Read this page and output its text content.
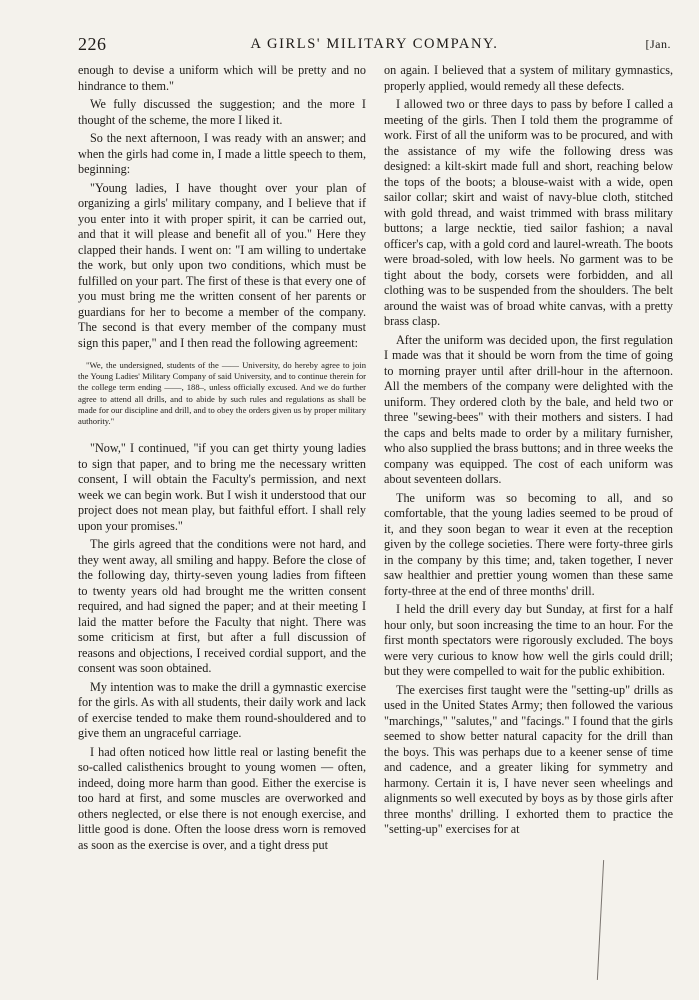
226	A GIRLS' MILITARY COMPANY.	[Jan.

enough to devise a uniform which will be pretty and no hindrance to them."

We fully discussed the suggestion; and the more I thought of the scheme, the more I liked it.

So the next afternoon, I was ready with an answer; and when the girls had come in, I made a little speech to them, beginning:

"Young ladies, I have thought over your plan of organizing a girls' military company, and I believe that if you enter into it with proper spirit, it can be carried out, and that it will please and benefit all of you." Here they clapped their hands. I went on: "I am willing to undertake the work, but only upon two conditions, which must be fulfilled on your part. The first of these is that every one of you must bring me the written consent of her parents or guardians for her to become a member of the company. The second is that every member of the company must sign this paper," and I then read the following agreement:

"We, the undersigned, students of the —— University, do hereby agree to join the Young Ladies' Military Company of said University, and to continue therein for the college term ending ——, 188–, unless officially excused. And we do further agree to attend all drills, and to abide by such rules and regulations as shall be made for our discipline and drill, and to obey the orders given us by proper military authority."

"Now," I continued, "if you can get thirty young ladies to sign that paper, and to bring me the necessary written consent, I will obtain the Faculty's permission, and next week we can begin work. But I wish it understood that our project does not mean play, but faithful effort. I shall rely upon your promises."

The girls agreed that the conditions were not hard, and they went away, all smiling and happy. Before the close of the following day, thirty-seven young ladies from fifteen to twenty years old had brought me the written consent required, and had signed the paper; and at their meeting I laid the matter before the Faculty that night. There was some criticism at first, but after a full discussion of reasons and objections, I received cordial support, and the consent was soon obtained.

My intention was to make the drill a gymnastic exercise for the girls. As with all students, their daily work and lack of exercise tended to make them round-shouldered and to give them an ungraceful carriage.

I had often noticed how little real or lasting benefit the so-called calisthenics brought to young women — often, indeed, doing more harm than good. Either the exercise is too hard at first, and some muscles are overworked and others neglected, or else there is not enough exercise, and little good is done. Often the loose dress worn is removed as soon as the exercise is over, and a tight dress put

on again. I believed that a system of military gymnastics, properly applied, would remedy all these defects.

I allowed two or three days to pass by before I called a meeting of the girls. Then I told them the programme of work. First of all the uniform was to be procured, and with the assistance of my wife the following dress was designed: a kilt-skirt made full and short, reaching below the tops of the boots; a blouse-waist with a wide, open sailor collar; skirt and waist of navy-blue cloth, stitched with gold thread, and waist trimmed with brass military buttons; a large necktie, tied sailor fashion; a naval officer's cap, with a gold cord and laurel-wreath. The boots were broad-soled, with low heels. No garment was to be tight about the body, corsets were forbidden, and all clothing was to be suspended from the shoulders. The belt around the waist was of broad white canvas, with a pretty brass clasp.

After the uniform was decided upon, the first regulation I made was that it should be worn from the time of going to morning prayer until after drill-hour in the afternoon. All the members of the company were delighted with the uniform. They ordered cloth by the bale, and held two or three "sewing-bees" with their mothers and sisters. I had the caps and belts made to order by a military furnisher, who also supplied the brass buttons; and in three weeks the company was equipped. The cost of each uniform was about seventeen dollars.

The uniform was so becoming to all, and so comfortable, that the young ladies seemed to be proud of it, and they soon began to wear it even at the reception given by the college societies. There were forty-three girls in the company by this time; and, taken together, I never saw healthier and prettier young women than these same forty-three at the end of three months' drill.

I held the drill every day but Sunday, at first for a half hour only, but soon increasing the time to an hour. For the first month spectators were rigorously excluded. The boys were very curious to know how well the girls could drill; but they were compelled to wait for the public exhibition.

The exercises first taught were the "setting-up" drills as used in the United States Army; then followed the various "marchings," "salutes," and "facings." I found that the girls seemed to show better natural capacity for the drill than the boys. This was perhaps due to a keener sense of time and cadence, and a greater liking for symmetry and harmony. Certain it is, I have never seen wheelings and alignments so well executed by boys as by those girls after three months' drilling. I exhorted them to practice the "setting-up" exercises for at
